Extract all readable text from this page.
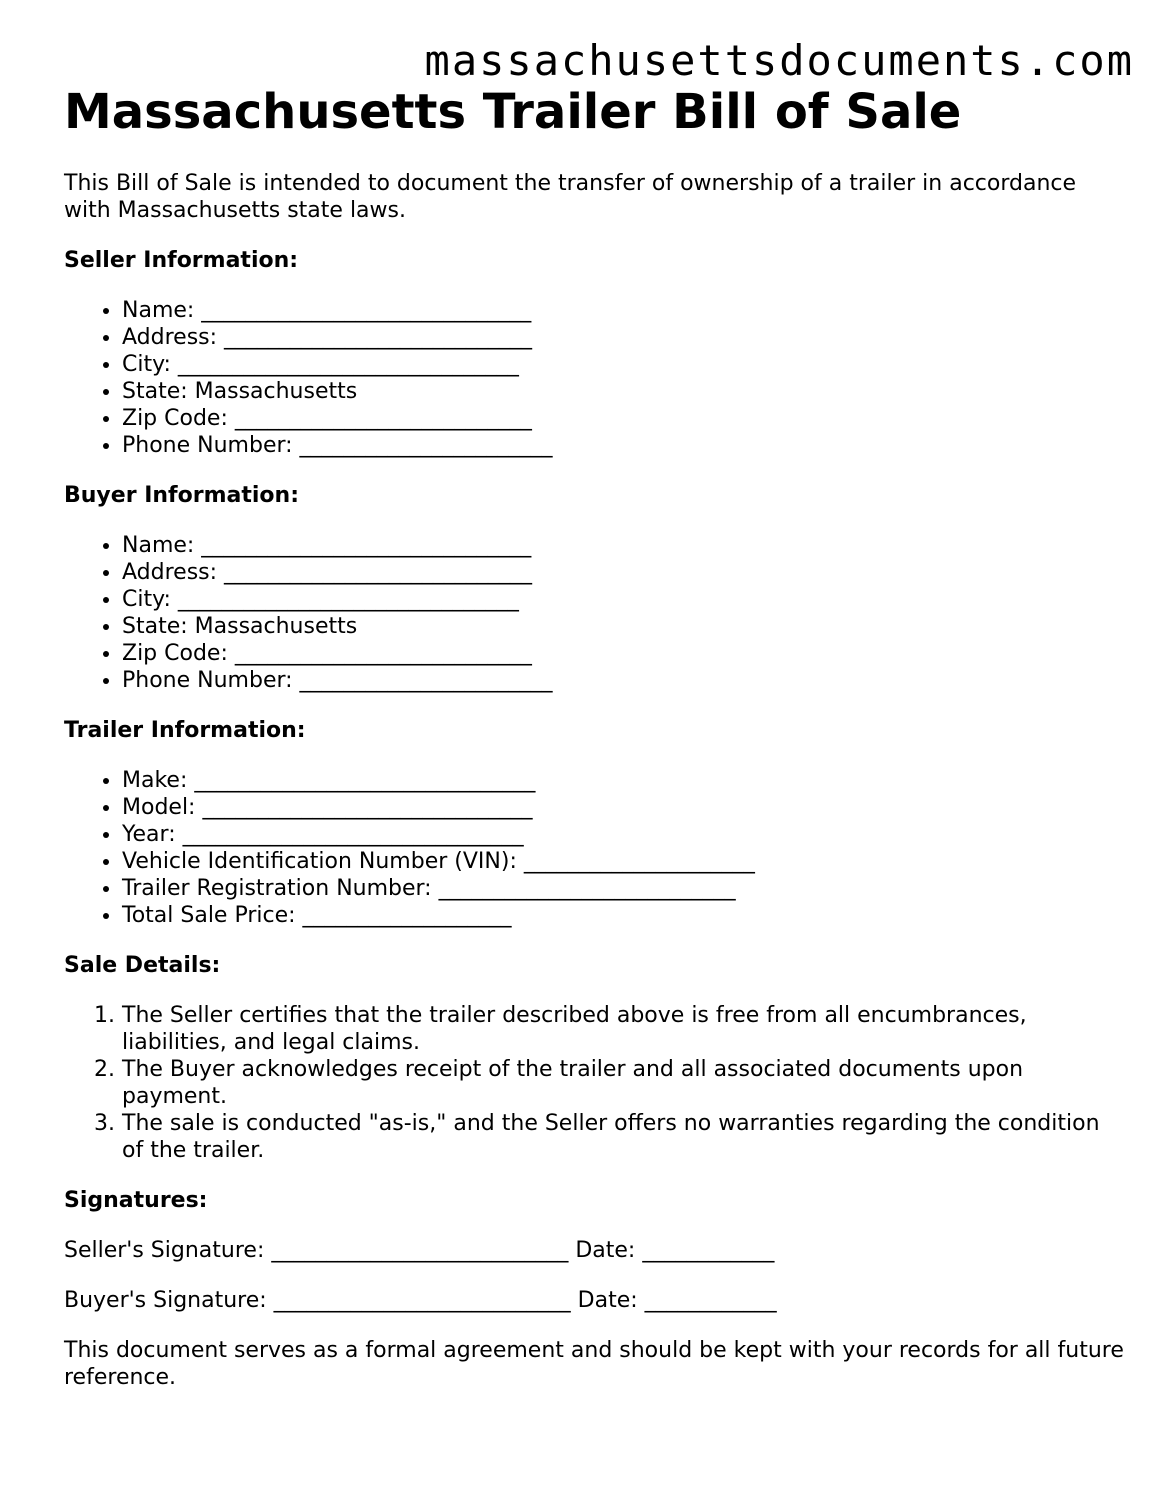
massachusettsdocuments.com
Massachusetts Trailer Bill of Sale

This Bill of Sale is intended to document the transfer of ownership of a trailer in accordance with Massachusetts state laws.

Seller Information:

• Name: ______________________________
• Address: ____________________________
• City: _______________________________
• State: Massachusetts
• Zip Code: ___________________________
• Phone Number: _______________________

Buyer Information:

• Name: ______________________________
• Address: ____________________________
• City: _______________________________
• State: Massachusetts
• Zip Code: ___________________________
• Phone Number: _______________________

Trailer Information:

• Make: _______________________________
• Model: ______________________________
• Year: _______________________________
• Vehicle Identification Number (VIN): _____________________
• Trailer Registration Number: ___________________________
• Total Sale Price: ___________________

Sale Details:

1. The Seller certifies that the trailer described above is free from all encumbrances, liabilities, and legal claims.
2. The Buyer acknowledges receipt of the trailer and all associated documents upon payment.
3. The sale is conducted "as-is," and the Seller offers no warranties regarding the condition of the trailer.

Signatures:

Seller's Signature: ___________________________ Date: ____________

Buyer's Signature: ___________________________ Date: ____________

This document serves as a formal agreement and should be kept with your records for all future reference.
